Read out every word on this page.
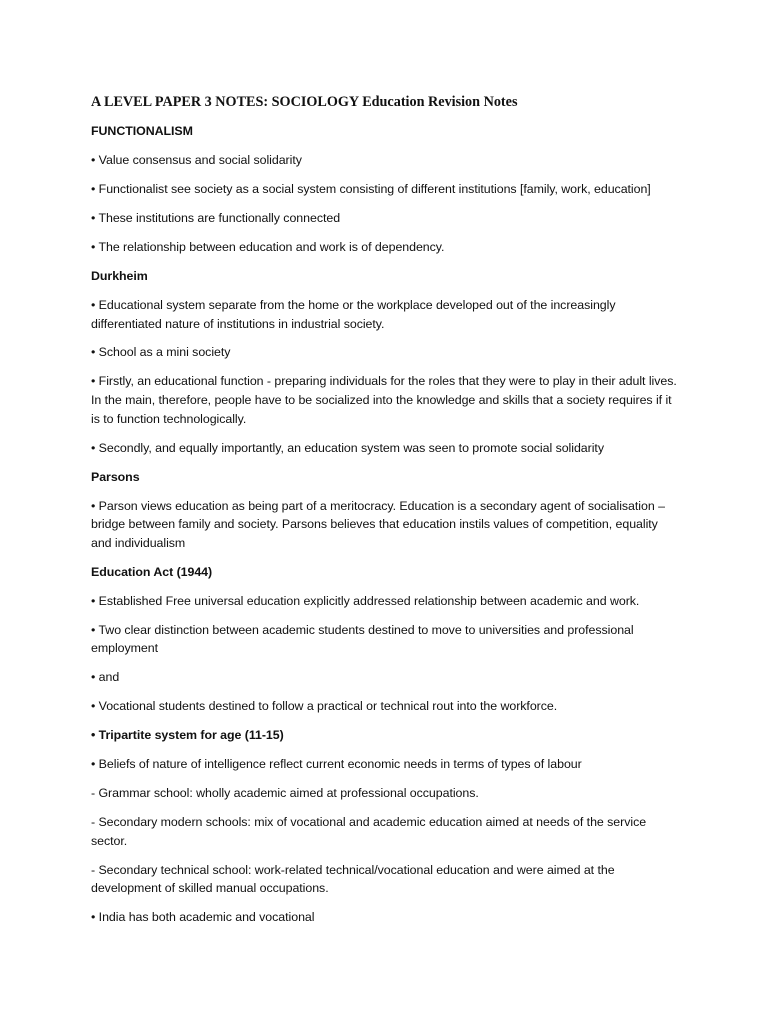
A LEVEL PAPER 3 NOTES: SOCIOLOGY Education Revision Notes
FUNCTIONALISM
• Value consensus and social solidarity
• Functionalist see society as a social system consisting of different institutions [family, work, education]
• These institutions are functionally connected
• The relationship between education and work is of dependency.
Durkheim
• Educational system separate from the home or the workplace developed out of the increasingly differentiated nature of institutions in industrial society.
• School as a mini society
• Firstly, an educational function - preparing individuals for the roles that they were to play in their adult lives. In the main, therefore, people have to be socialized into the knowledge and skills that a society requires if it is to function technologically.
• Secondly, and equally importantly, an education system was seen to promote social solidarity
Parsons
• Parson views education as being part of a meritocracy. Education is a secondary agent of socialisation – bridge between family and society. Parsons believes that education instils values of competition, equality and individualism
Education Act (1944)
• Established Free universal education explicitly addressed relationship between academic and work.
• Two clear distinction between academic students destined to move to universities and professional employment
• and
• Vocational students destined to follow a practical or technical rout into the workforce.
• Tripartite system for age (11-15)
• Beliefs of nature of intelligence reflect current economic needs in terms of types of labour
- Grammar school: wholly academic aimed at professional occupations.
- Secondary modern schools: mix of vocational and academic education aimed at needs of the service sector.
- Secondary technical school: work-related technical/vocational education and were aimed at the development of skilled manual occupations.
• India has both academic and vocational
